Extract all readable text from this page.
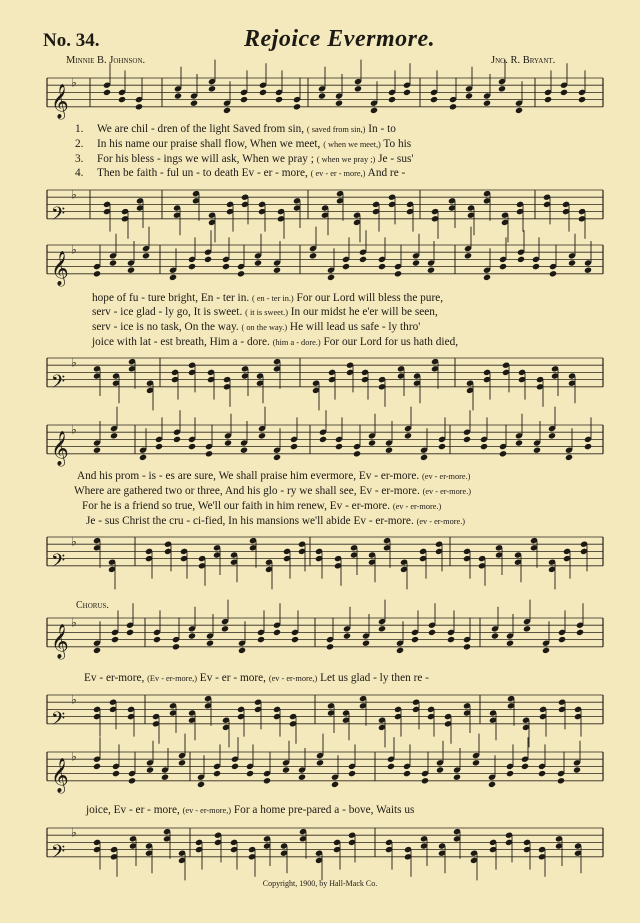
No. 34.	Rejoice Evermore.
Minnie B. Johnson.	Jno. R. Bryant.
𝄞
♭
𝄢
♭
𝄞
♭
𝄢
♭
𝄞
♭
𝄢
♭
𝄞
♭
𝄢
♭
𝄞
♭
𝄢
♭
1. We are chil - dren of the light Saved from sin, ( saved from sin,) In - to
2. In his name our praise shall flow, When we meet, ( when we meet,) To his
3. For his bless - ings we will ask, When we pray ; ( when we pray ;) Je - sus'
4. Then be faith - ful un - to death Ev - er - more, ( ev - er - more,) And re -
hope of fu - ture bright, En - ter in. ( en - ter in.) For our Lord will bless the pure,
serv - ice glad - ly go, It is sweet. ( it is sweet.) In our midst he e'er will be seen,
serv - ice is no task, On the way. ( on the way.) He will lead us safe - ly thro'
joice with lat - est breath, Him a - dore. (him a - dore.) For our Lord for us hath died,
And his prom - is - es are sure, We shall praise him evermore, Ev - er-more. (ev - er-more.)
Where are gathered two or three, And his glo - ry we shall see, Ev - er-more. (ev - er-more.)
For he is a friend so true, We'll our faith in him renew, Ev - er-more. (ev - er-more.)
Je - sus Christ the cru - ci-fied, In his mansions we'll abide Ev - er-more. (ev - er-more.)
Chorus.
Ev - er-more, (Ev - er-more,) Ev - er - more, (ev - er-more,) Let us glad - ly then re -
joice, Ev - er - more, (ev - er-more,) For a home pre-pared a - bove, Waits us
Copyright, 1900, by Hall-Mack Co.
